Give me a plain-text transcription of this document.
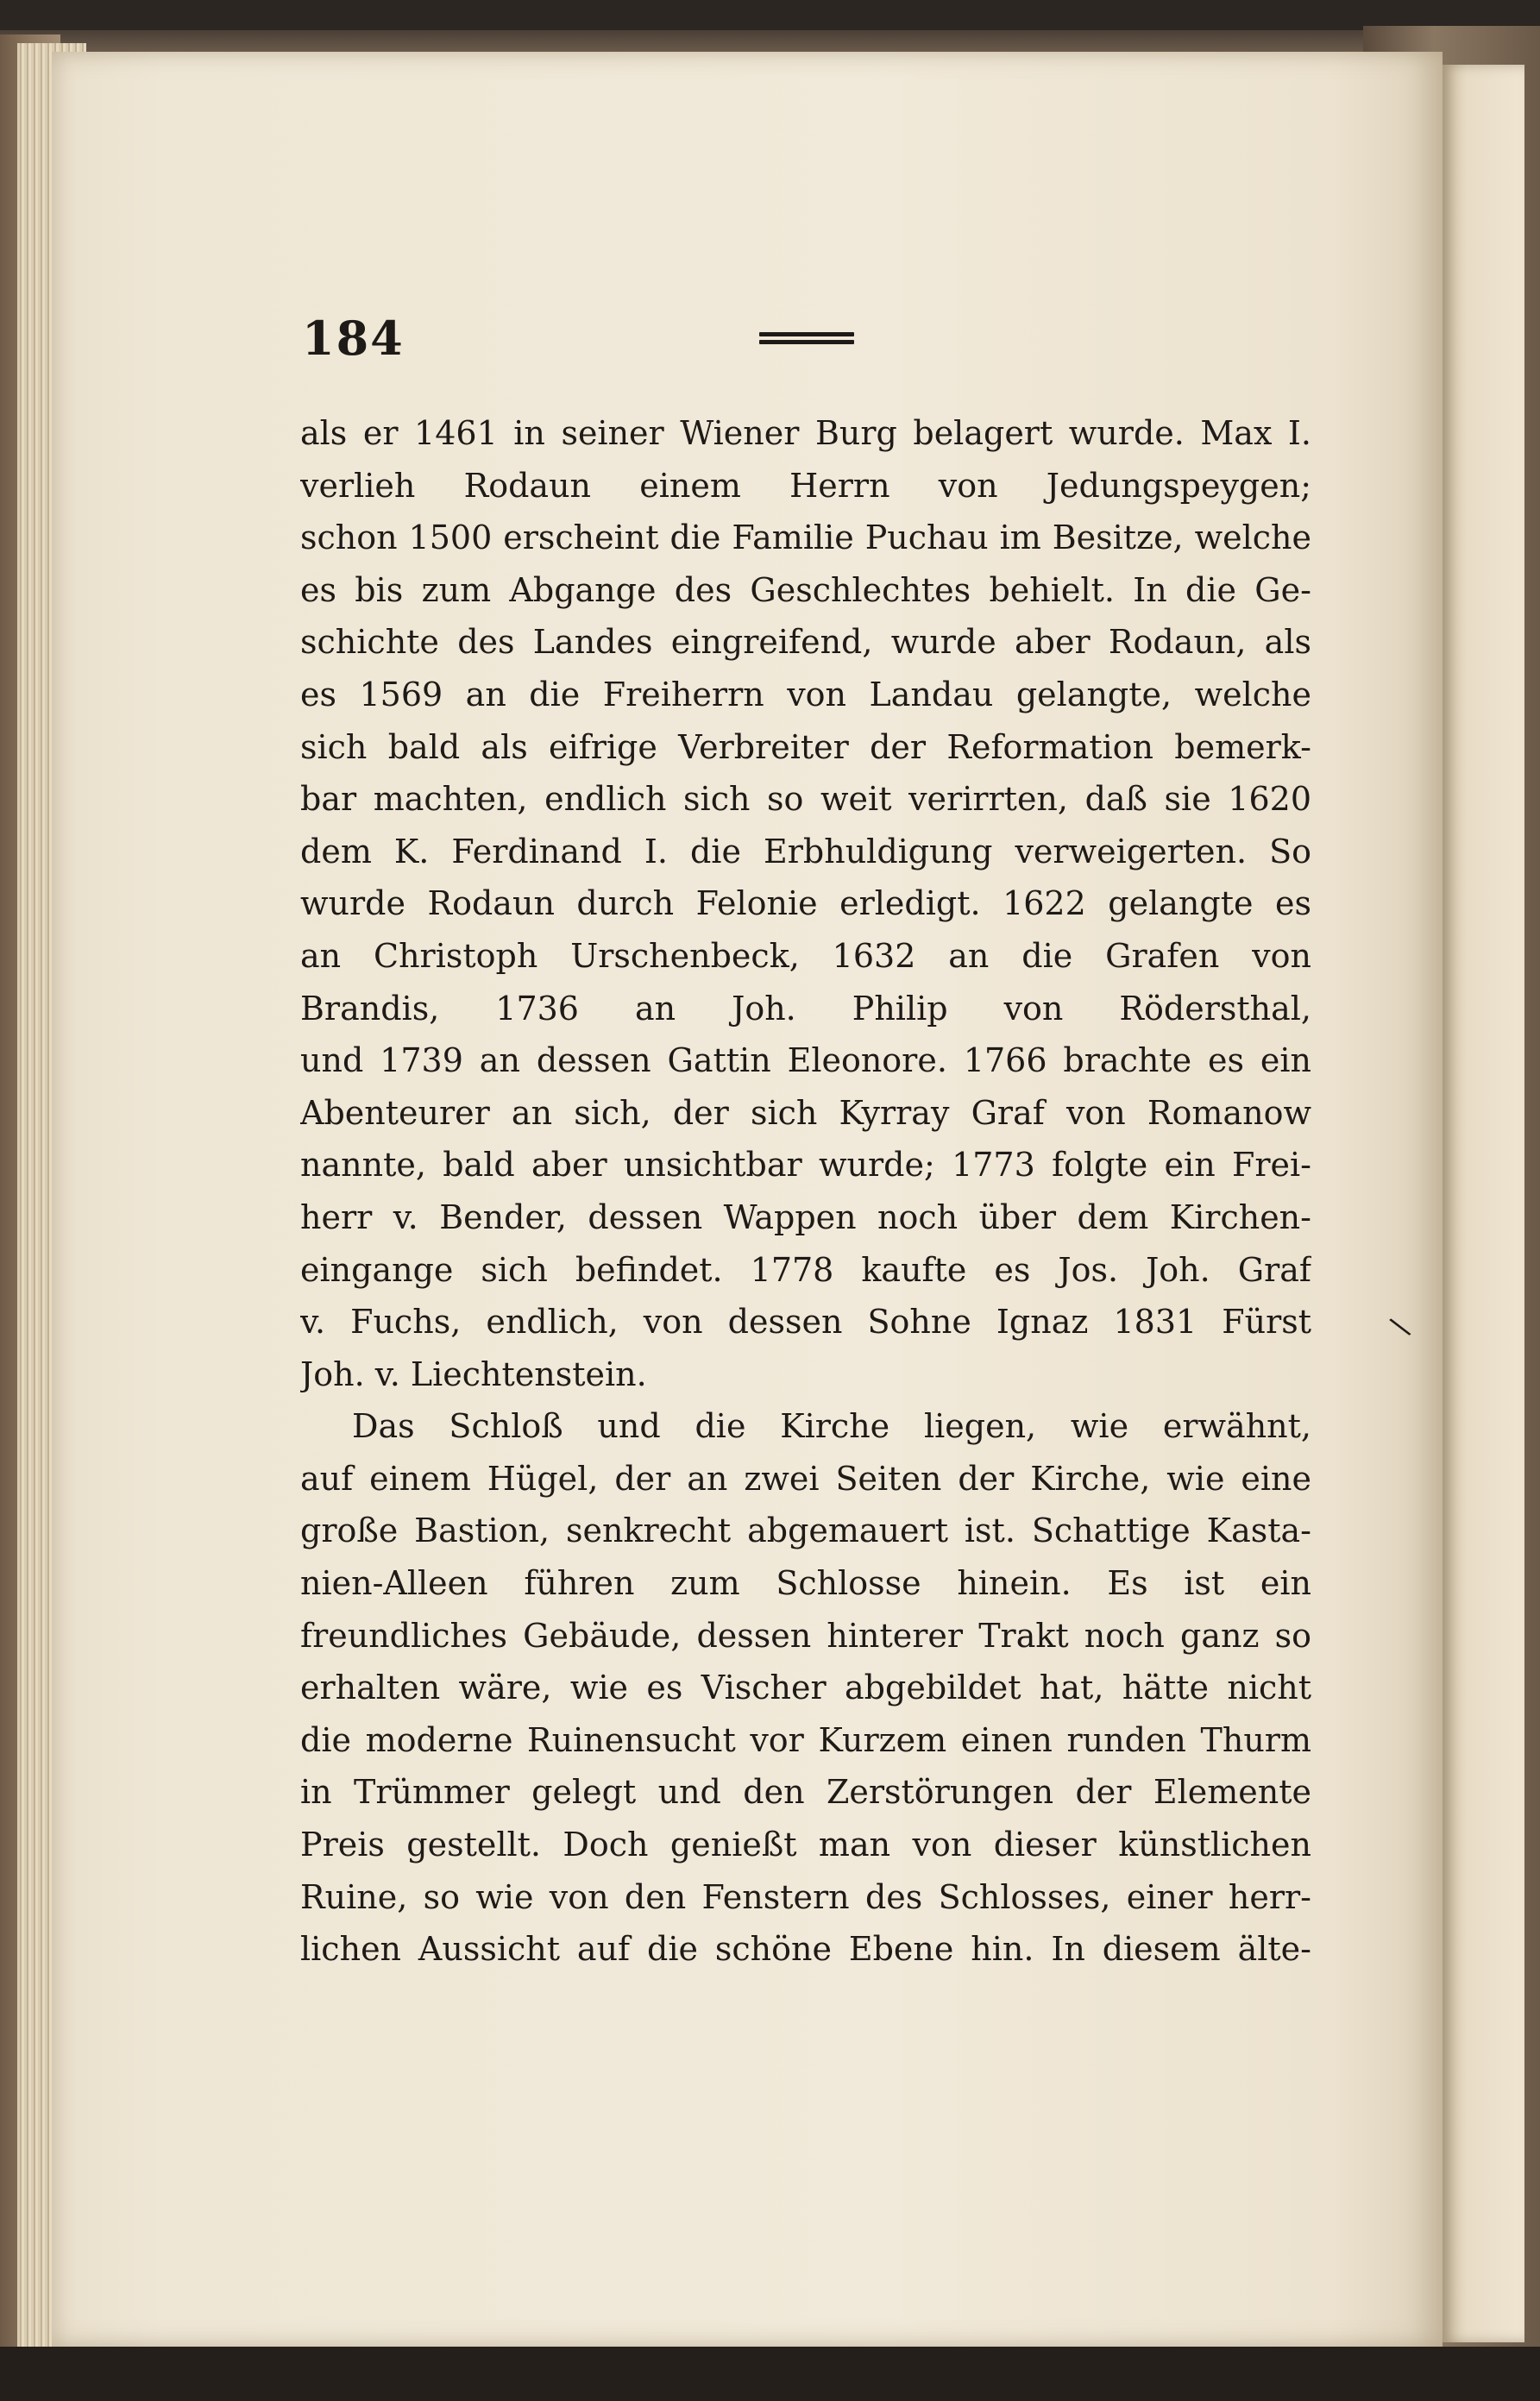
184
als er 1461 in seiner Wiener Burg belagert wurde. Max I.
verlieh Rodaun einem Herrn von Jedungspeygen;
schon 1500 erscheint die Familie Puchau im Besitze, welche
es bis zum Abgange des Geschlechtes behielt. In die Ge-
schichte des Landes eingreifend, wurde aber Rodaun, als
es 1569 an die Freiherrn von Landau gelangte, welche
sich bald als eifrige Verbreiter der Reformation bemerk-
bar machten, endlich sich so weit verirrten, daß sie 1620
dem K. Ferdinand I. die Erbhuldigung verweigerten. So
wurde Rodaun durch Felonie erledigt. 1622 gelangte es
an Christoph Urschenbeck, 1632 an die Grafen von
Brandis, 1736 an Joh. Philip von Rödersthal,
und 1739 an dessen Gattin Eleonore. 1766 brachte es ein
Abenteurer an sich, der sich Kyrray Graf von Romanow
nannte, bald aber unsichtbar wurde; 1773 folgte ein Frei-
herr v. Bender, dessen Wappen noch über dem Kirchen-
eingange sich befindet. 1778 kaufte es Jos. Joh. Graf
v. Fuchs, endlich, von dessen Sohne Ignaz 1831 Fürst
Joh. v. Liechtenstein.
Das Schloß und die Kirche liegen, wie erwähnt,
auf einem Hügel, der an zwei Seiten der Kirche, wie eine
große Bastion, senkrecht abgemauert ist. Schattige Kasta-
nien-Alleen führen zum Schlosse hinein. Es ist ein
freundliches Gebäude, dessen hinterer Trakt noch ganz so
erhalten wäre, wie es Vischer abgebildet hat, hätte nicht
die moderne Ruinensucht vor Kurzem einen runden Thurm
in Trümmer gelegt und den Zerstörungen der Elemente
Preis gestellt. Doch genießt man von dieser künstlichen
Ruine, so wie von den Fenstern des Schlosses, einer herr-
lichen Aussicht auf die schöne Ebene hin. In diesem älte-
\
